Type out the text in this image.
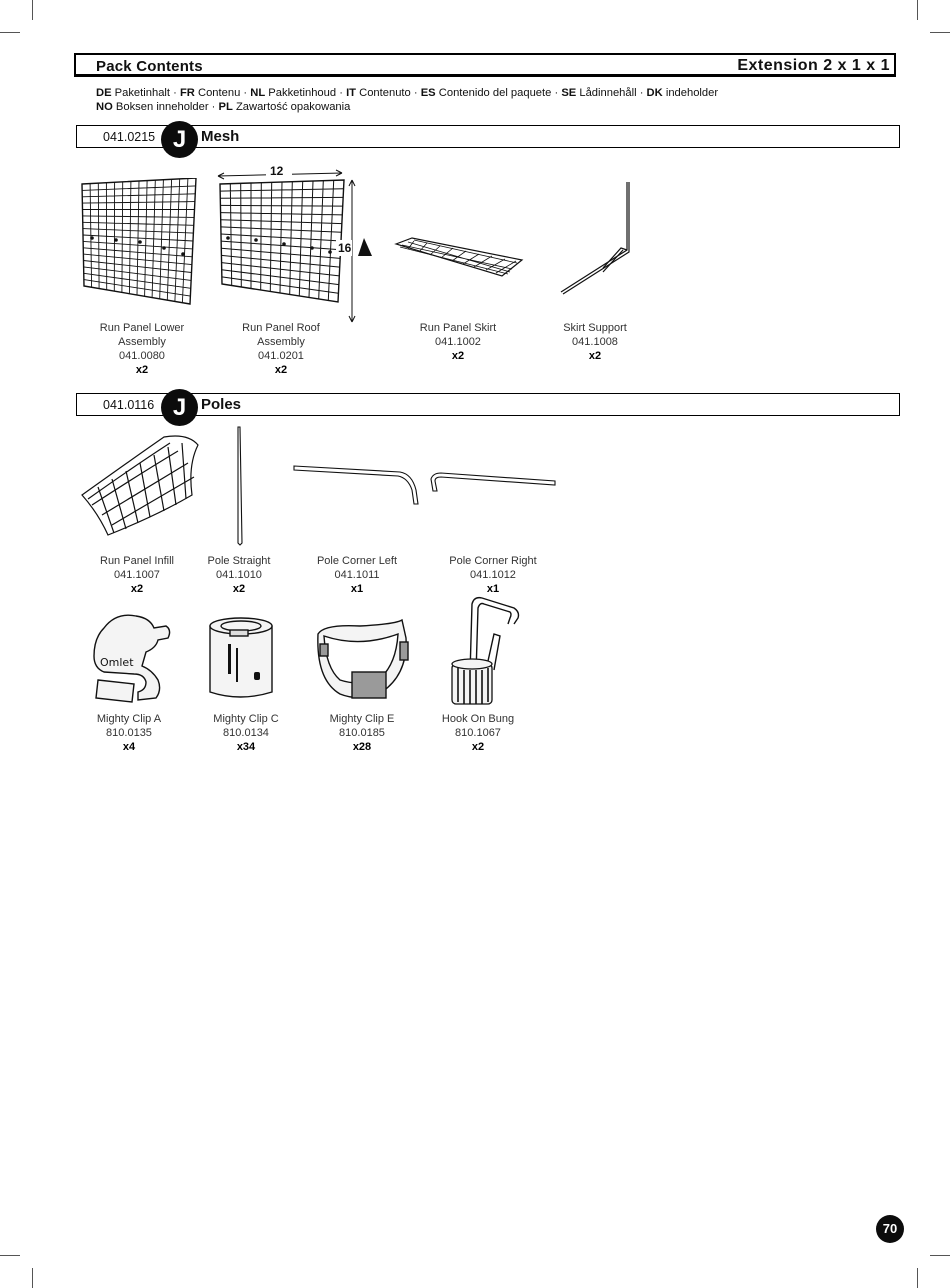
Pack Contents	Extension 2 x 1 x 1
DE Paketinhalt · FR Contenu · NL Pakketinhoud · IT Contenuto · ES Contenido del paquete · SE Lådinnehåll · DK indeholder
NO Boksen inneholder · PL Zawartość opakowania
041.0215 J Mesh
12
16
Run Panel Lower
Assembly
041.0080
x2
Run Panel Roof
Assembly
041.0201
x2
Run Panel Skirt
041.1002
x2
Skirt Support
041.1008
x2
041.0116 J Poles
Run Panel Infill
041.1007
x2
Pole Straight
041.1010
x2
Pole Corner Left
041.1011
x1
Pole Corner Right
041.1012
x1
Omlet
Mighty Clip A
810.0135
x4
Mighty Clip C
810.0134
x34
Mighty Clip E
810.0185
x28
Hook On Bung
810.1067
x2
70
